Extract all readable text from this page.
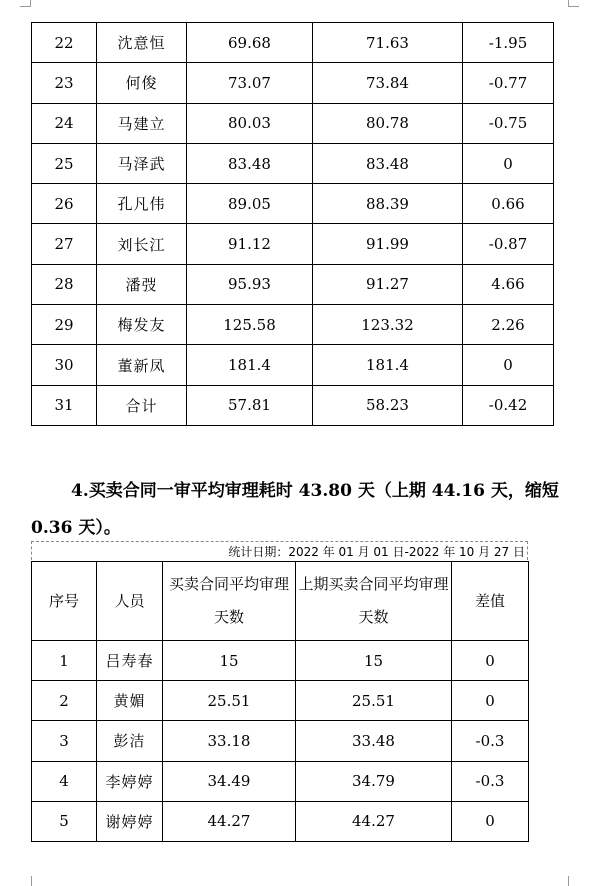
22	沈意恒	69.68	71.63	-1.95
23	何俊	73.07	73.84	-0.77
24	马建立	80.03	80.78	-0.75
25	马泽武	83.48	83.48	0
26	孔凡伟	89.05	88.39	0.66
27	刘长江	91.12	91.99	-0.87
28	潘弢	95.93	91.27	4.66
29	梅发友	125.58	123.32	2.26
30	董新凤	181.4	181.4	0
31	合计	57.81	58.23	-0.42

4.买卖合同一审平均审理耗时 43.80 天（上期 44.16 天，缩短 0.36 天）。

统计日期：2022 年 01 月 01 日-2022 年 10 月 27 日
序号	人员	买卖合同平均审理天数	上期买卖合同平均审理天数	差值
1	吕寿春	15	15	0
2	黄媚	25.51	25.51	0
3	彭洁	33.18	33.48	-0.3
4	李婷婷	34.49	34.79	-0.3
5	谢婷婷	44.27	44.27	0
